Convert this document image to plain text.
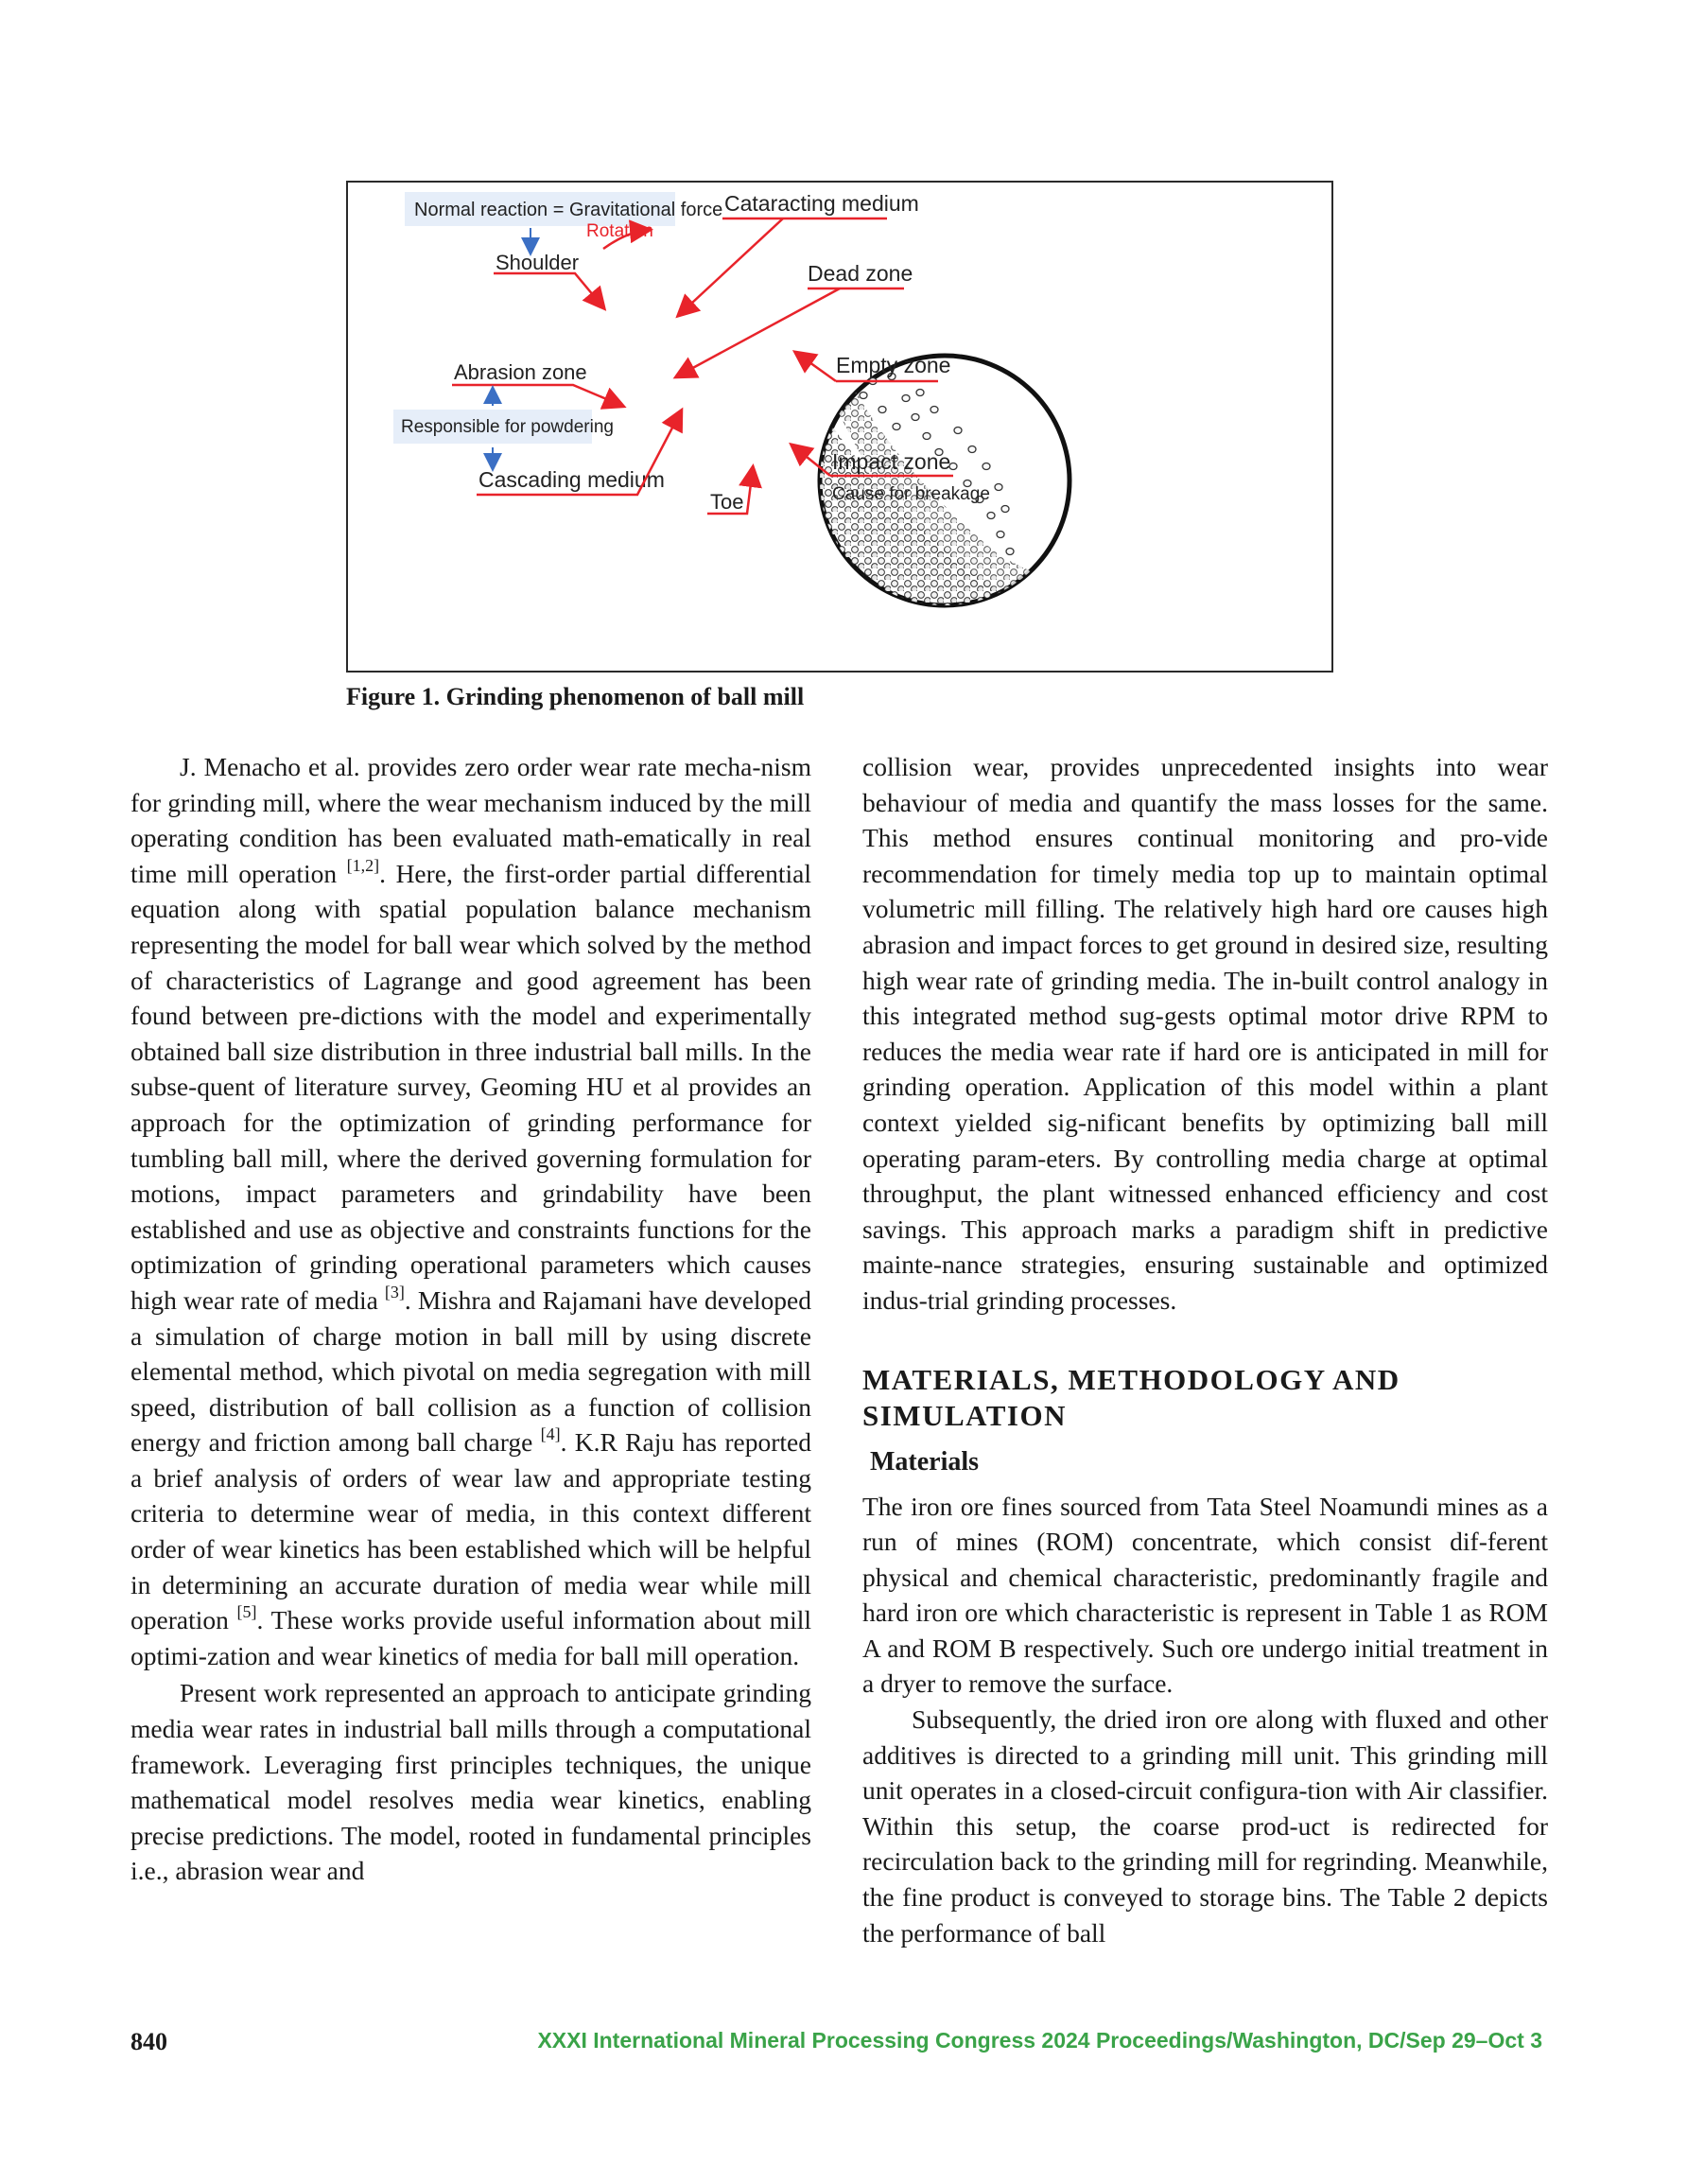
Normal reaction = Gravitational force
Rotation
Shoulder
Cataracting medium
Dead zone
Empty zone
Abrasion zone
Responsible for powdering
Cascading medium
Impact zone
Cause for breakage
Toe
Figure 1. Grinding phenomenon of ball mill

J. Menacho et al. provides zero order wear rate mecha-nism for grinding mill, where the wear mechanism induced by the mill operating condition has been evaluated math-ematically in real time mill operation [1,2]. Here, the first-order partial differential equation along with spatial population balance mechanism representing the model for ball wear which solved by the method of characteristics of Lagrange and good agreement has been found between pre-dictions with the model and experimentally obtained ball size distribution in three industrial ball mills. In the subse-quent of literature survey, Geoming HU et al provides an approach for the optimization of grinding performance for tumbling ball mill, where the derived governing formulation for motions, impact parameters and grindability have been established and use as objective and constraints functions for the optimization of grinding operational parameters which causes high wear rate of media [3]. Mishra and Rajamani have developed a simulation of charge motion in ball mill by using discrete elemental method, which pivotal on media segregation with mill speed, distribution of ball collision as a function of collision energy and friction among ball charge [4]. K.R Raju has reported a brief analysis of orders of wear law and appropriate testing criteria to determine wear of media, in this context different order of wear kinetics has been established which will be helpful in determining an accurate duration of media wear while mill operation [5]. These works provide useful information about mill optimi-zation and wear kinetics of media for ball mill operation.

Present work represented an approach to anticipate grinding media wear rates in industrial ball mills through a computational framework. Leveraging first principles techniques, the unique mathematical model resolves media wear kinetics, enabling precise predictions. The model, rooted in fundamental principles i.e., abrasion wear and

collision wear, provides unprecedented insights into wear behaviour of media and quantify the mass losses for the same. This method ensures continual monitoring and pro-vide recommendation for timely media top up to maintain optimal volumetric mill filling. The relatively high hard ore causes high abrasion and impact forces to get ground in desired size, resulting high wear rate of grinding media. The in-built control analogy in this integrated method sug-gests optimal motor drive RPM to reduces the media wear rate if hard ore is anticipated in mill for grinding operation. Application of this model within a plant context yielded sig-nificant benefits by optimizing ball mill operating param-eters. By controlling media charge at optimal throughput, the plant witnessed enhanced efficiency and cost savings. This approach marks a paradigm shift in predictive mainte-nance strategies, ensuring sustainable and optimized indus-trial grinding processes.

MATERIALS, METHODOLOGY AND SIMULATION
Materials

The iron ore fines sourced from Tata Steel Noamundi mines as a run of mines (ROM) concentrate, which consist dif-ferent physical and chemical characteristic, predominantly fragile and hard iron ore which characteristic is represent in Table 1 as ROM A and ROM B respectively. Such ore undergo initial treatment in a dryer to remove the surface.

Subsequently, the dried iron ore along with fluxed and other additives is directed to a grinding mill unit. This grinding mill unit operates in a closed-circuit configura-tion with Air classifier. Within this setup, the coarse prod-uct is redirected for recirculation back to the grinding mill for regrinding. Meanwhile, the fine product is conveyed to storage bins. The Table 2 depicts the performance of ball

840	XXXI International Mineral Processing Congress 2024 Proceedings/Washington, DC/Sep 29–Oct 3
